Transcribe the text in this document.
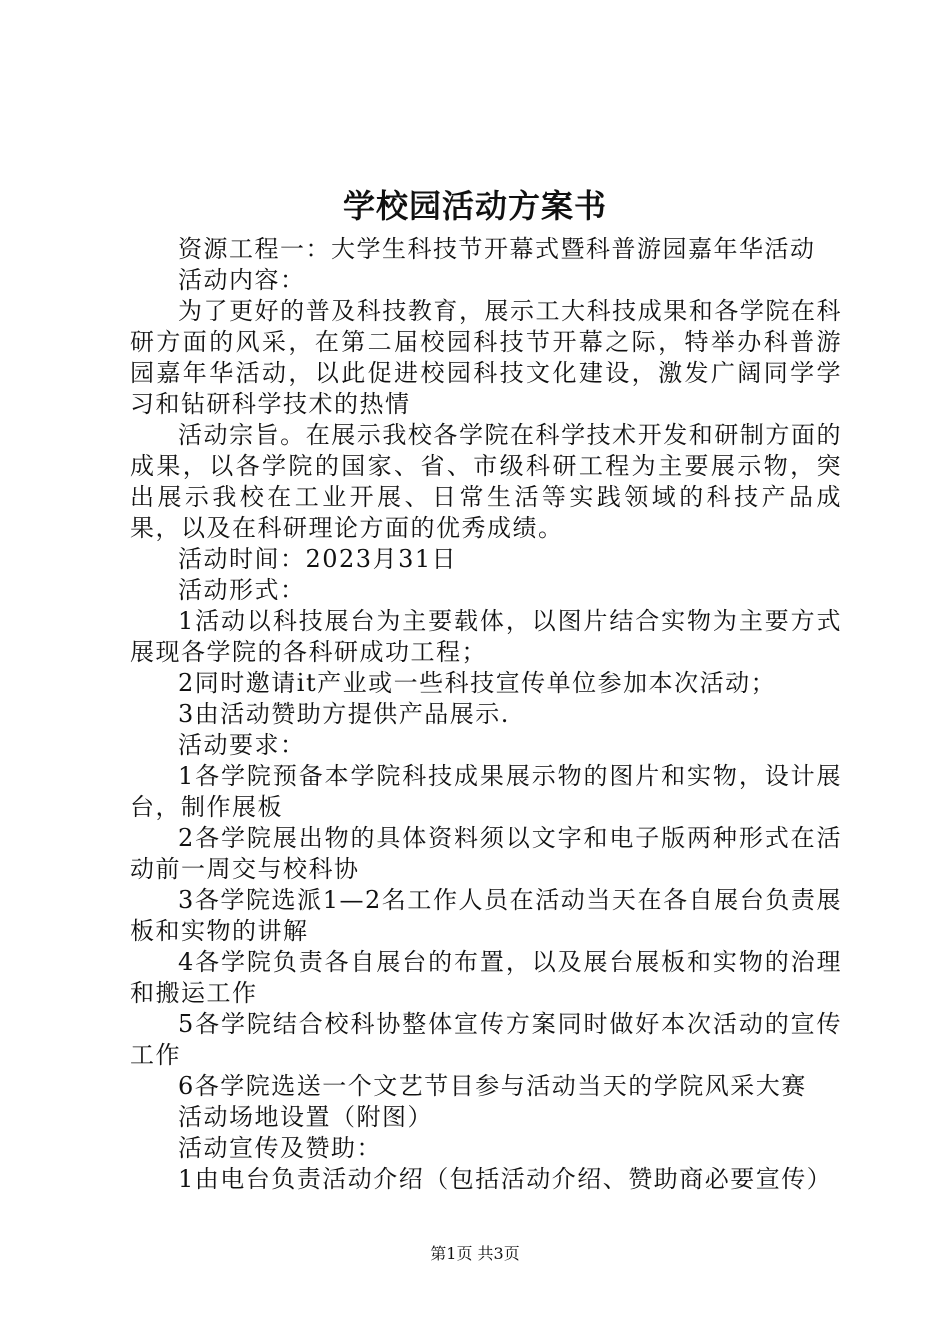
学校园活动方案书

资源工程一：大学生科技节开幕式暨科普游园嘉年华活动

活动内容：

为了更好的普及科技教育，展示工大科技成果和各学院在科研方面的风采，在第二届校园科技节开幕之际，特举办科普游园嘉年华活动，以此促进校园科技文化建设，激发广阔同学学习和钻研科学技术的热情

活动宗旨。在展示我校各学院在科学技术开发和研制方面的成果，以各学院的国家、省、市级科研工程为主要展示物，突出展示我校在工业开展、日常生活等实践领域的科技产品成果，以及在科研理论方面的优秀成绩。

活动时间：2023月31日

活动形式：

1活动以科技展台为主要载体，以图片结合实物为主要方式展现各学院的各科研成功工程；

2同时邀请it产业或一些科技宣传单位参加本次活动；

3由活动赞助方提供产品展示.

活动要求：

1各学院预备本学院科技成果展示物的图片和实物，设计展台，制作展板

2各学院展出物的具体资料须以文字和电子版两种形式在活动前一周交与校科协

3各学院选派1—2名工作人员在活动当天在各自展台负责展板和实物的讲解

4各学院负责各自展台的布置，以及展台展板和实物的治理和搬运工作

5各学院结合校科协整体宣传方案同时做好本次活动的宣传工作

6各学院选送一个文艺节目参与活动当天的学院风采大赛

活动场地设置（附图）

活动宣传及赞助：

1由电台负责活动介绍（包括活动介绍、赞助商必要宣传）

第1页 共3页
